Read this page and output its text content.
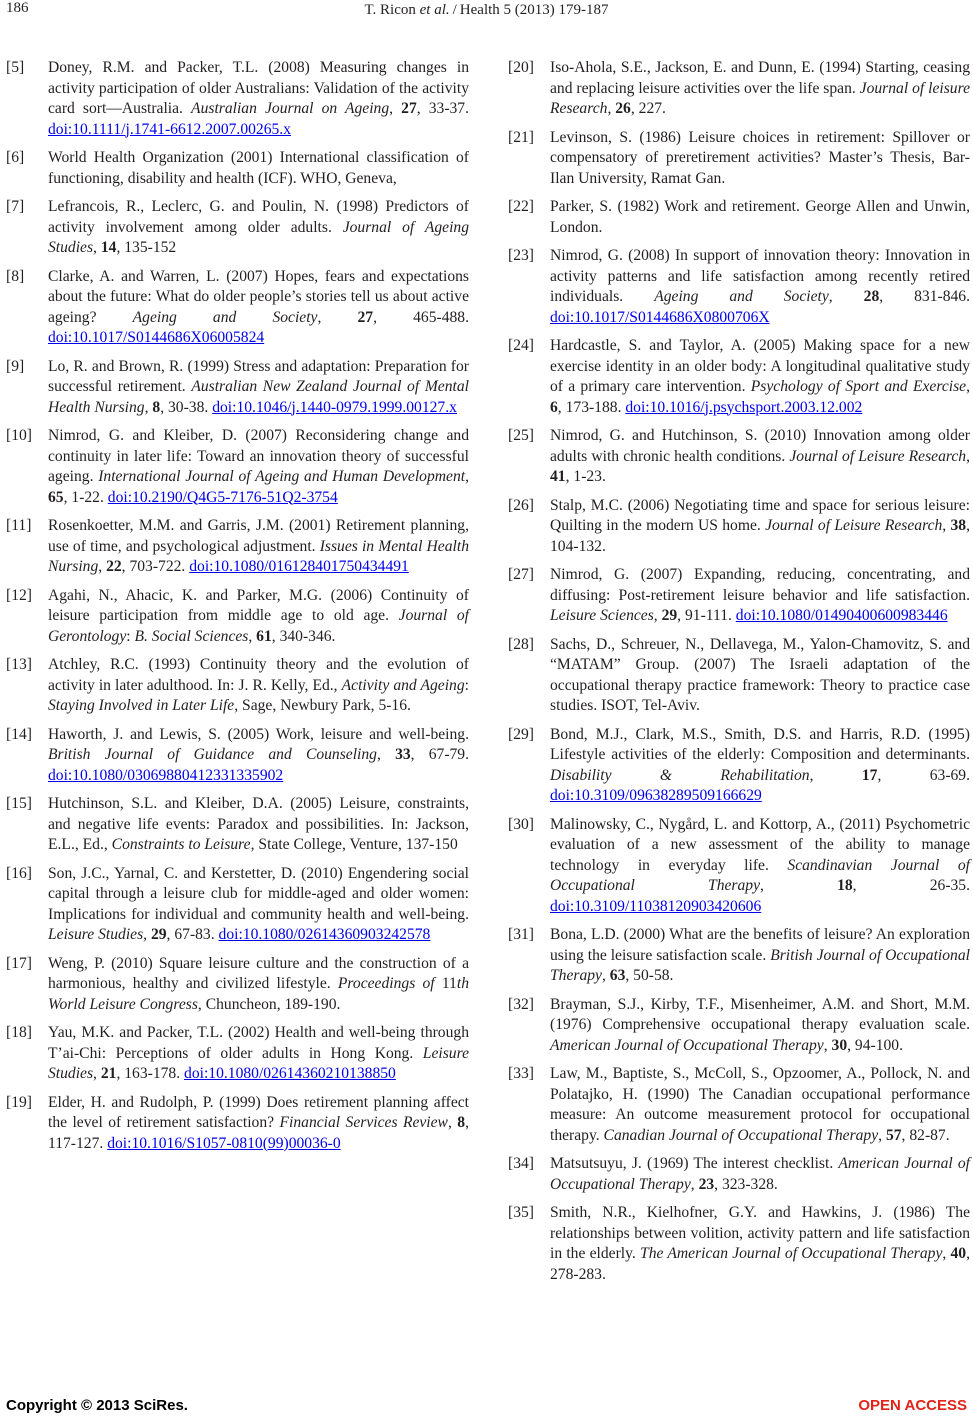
186	T. Ricon et al. / Health 5 (2013) 179-187
[5]	Doney, R.M. and Packer, T.L. (2008) Measuring changes in activity participation of older Australians: Validation of the activity card sort—Australia. Australian Journal on Ageing, 27, 33-37. doi:10.1111/j.1741-6612.2007.00265.x
[6]	World Health Organization (2001) International classification of functioning, disability and health (ICF). WHO, Geneva,
[7]	Lefrancois, R., Leclerc, G. and Poulin, N. (1998) Predictors of activity involvement among older adults. Journal of Ageing Studies, 14, 135-152
[8]	Clarke, A. and Warren, L. (2007) Hopes, fears and expectations about the future: What do older people’s stories tell us about active ageing? Ageing and Society, 27, 465-488. doi:10.1017/S0144686X06005824
[9]	Lo, R. and Brown, R. (1999) Stress and adaptation: Preparation for successful retirement. Australian New Zealand Journal of Mental Health Nursing, 8, 30-38. doi:10.1046/j.1440-0979.1999.00127.x
[10]	Nimrod, G. and Kleiber, D. (2007) Reconsidering change and continuity in later life: Toward an innovation theory of successful ageing. International Journal of Ageing and Human Development, 65, 1-22. doi:10.2190/Q4G5-7176-51Q2-3754
[11]	Rosenkoetter, M.M. and Garris, J.M. (2001) Retirement planning, use of time, and psychological adjustment. Issues in Mental Health Nursing, 22, 703-722. doi:10.1080/016128401750434491
[12]	Agahi, N., Ahacic, K. and Parker, M.G. (2006) Continuity of leisure participation from middle age to old age. Journal of Gerontology: B. Social Sciences, 61, 340-346.
[13]	Atchley, R.C. (1993) Continuity theory and the evolution of activity in later adulthood. In: J. R. Kelly, Ed., Activity and Ageing: Staying Involved in Later Life, Sage, Newbury Park, 5-16.
[14]	Haworth, J. and Lewis, S. (2005) Work, leisure and well-being. British Journal of Guidance and Counseling, 33, 67-79. doi:10.1080/03069880412331335902
[15]	Hutchinson, S.L. and Kleiber, D.A. (2005) Leisure, constraints, and negative life events: Paradox and possibilities. In: Jackson, E.L., Ed., Constraints to Leisure, State College, Venture, 137-150
[16]	Son, J.C., Yarnal, C. and Kerstetter, D. (2010) Engendering social capital through a leisure club for middle-aged and older women: Implications for individual and community health and well-being. Leisure Studies, 29, 67-83. doi:10.1080/02614360903242578
[17]	Weng, P. (2010) Square leisure culture and the construction of a harmonious, healthy and civilized lifestyle. Proceedings of 11th World Leisure Congress, Chuncheon, 189-190.
[18]	Yau, M.K. and Packer, T.L. (2002) Health and well-being through T’ai-Chi: Perceptions of older adults in Hong Kong. Leisure Studies, 21, 163-178. doi:10.1080/02614360210138850
[19]	Elder, H. and Rudolph, P. (1999) Does retirement planning affect the level of retirement satisfaction? Financial Services Review, 8, 117-127. doi:10.1016/S1057-0810(99)00036-0
[20]	Iso-Ahola, S.E., Jackson, E. and Dunn, E. (1994) Starting, ceasing and replacing leisure activities over the life span. Journal of leisure Research, 26, 227.
[21]	Levinson, S. (1986) Leisure choices in retirement: Spillover or compensatory of preretirement activities? Master’s Thesis, Bar-Ilan University, Ramat Gan.
[22]	Parker, S. (1982) Work and retirement. George Allen and Unwin, London.
[23]	Nimrod, G. (2008) In support of innovation theory: Innovation in activity patterns and life satisfaction among recently retired individuals. Ageing and Society, 28, 831-846. doi:10.1017/S0144686X0800706X
[24]	Hardcastle, S. and Taylor, A. (2005) Making space for a new exercise identity in an older body: A longitudinal qualitative study of a primary care intervention. Psychology of Sport and Exercise, 6, 173-188. doi:10.1016/j.psychsport.2003.12.002
[25]	Nimrod, G. and Hutchinson, S. (2010) Innovation among older adults with chronic health conditions. Journal of Leisure Research, 41, 1-23.
[26]	Stalp, M.C. (2006) Negotiating time and space for serious leisure: Quilting in the modern US home. Journal of Leisure Research, 38, 104-132.
[27]	Nimrod, G. (2007) Expanding, reducing, concentrating, and diffusing: Post-retirement leisure behavior and life satisfaction. Leisure Sciences, 29, 91-111. doi:10.1080/01490400600983446
[28]	Sachs, D., Schreuer, N., Dellavega, M., Yalon-Chamovitz, S. and “MATAM” Group. (2007) The Israeli adaptation of the occupational therapy practice framework: Theory to practice case studies. ISOT, Tel-Aviv.
[29]	Bond, M.J., Clark, M.S., Smith, D.S. and Harris, R.D. (1995) Lifestyle activities of the elderly: Composition and determinants. Disability & Rehabilitation, 17, 63-69. doi:10.3109/09638289509166629
[30]	Malinowsky, C., Nygård, L. and Kottorp, A., (2011) Psychometric evaluation of a new assessment of the ability to manage technology in everyday life. Scandinavian Journal of Occupational Therapy, 18, 26-35. doi:10.3109/11038120903420606
[31]	Bona, L.D. (2000) What are the benefits of leisure? An exploration using the leisure satisfaction scale. British Journal of Occupational Therapy, 63, 50-58.
[32]	Brayman, S.J., Kirby, T.F., Misenheimer, A.M. and Short, M.M. (1976) Comprehensive occupational therapy evaluation scale. American Journal of Occupational Therapy, 30, 94-100.
[33]	Law, M., Baptiste, S., McColl, S., Opzoomer, A., Pollock, N. and Polatajko, H. (1990) The Canadian occupational performance measure: An outcome measurement protocol for occupational therapy. Canadian Journal of Occupational Therapy, 57, 82-87.
[34]	Matsutsuyu, J. (1969) The interest checklist. American Journal of Occupational Therapy, 23, 323-328.
[35]	Smith, N.R., Kielhofner, G.Y. and Hawkins, J. (1986) The relationships between volition, activity pattern and life satisfaction in the elderly. The American Journal of Occupational Therapy, 40, 278-283.
Copyright © 2013 SciRes.	OPEN ACCESS
